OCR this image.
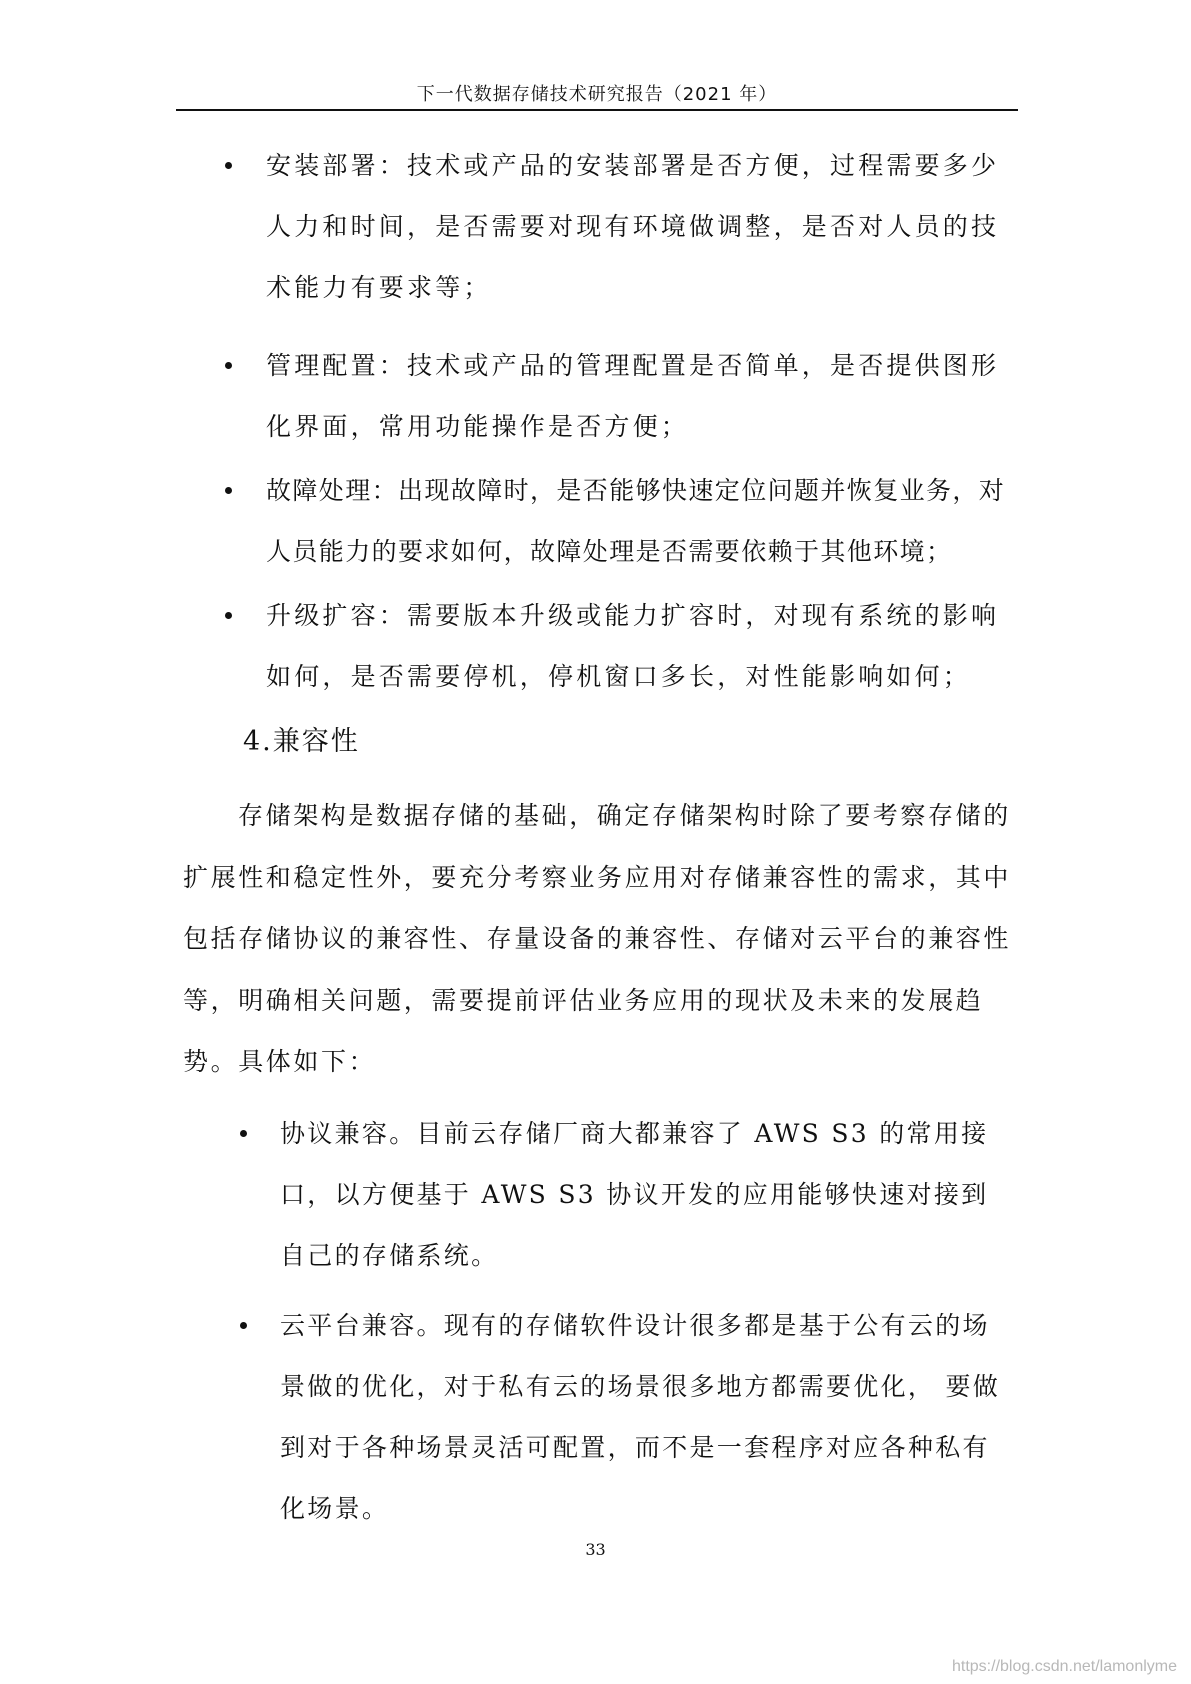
下一代数据存储技术研究报告（2021 年）
安装部署：技术或产品的安装部署是否方便，过程需要多少人力和时间，是否需要对现有环境做调整，是否对人员的技术能力有要求等；
管理配置：技术或产品的管理配置是否简单，是否提供图形化界面，常用功能操作是否方便；
故障处理：出现故障时，是否能够快速定位问题并恢复业务，对人员能力的要求如何，故障处理是否需要依赖于其他环境；
升级扩容：需要版本升级或能力扩容时，对现有系统的影响如何，是否需要停机，停机窗口多长，对性能影响如何；
4.兼容性

存储架构是数据存储的基础，确定存储架构时除了要考察存储的扩展性和稳定性外，要充分考察业务应用对存储兼容性的需求，其中包括存储协议的兼容性、存量设备的兼容性、存储对云平台的兼容性等，明确相关问题，需要提前评估业务应用的现状及未来的发展趋势。具体如下：

协议兼容。目前云存储厂商大都兼容了 AWS S3 的常用接口，以方便基于 AWS S3 协议开发的应用能够快速对接到自己的存储系统。
云平台兼容。现有的存储软件设计很多都是基于公有云的场景做的优化，对于私有云的场景很多地方都需要优化， 要做到对于各种场景灵活可配置，而不是一套程序对应各种私有化场景。
33
https://blog.csdn.net/lamonlyme
